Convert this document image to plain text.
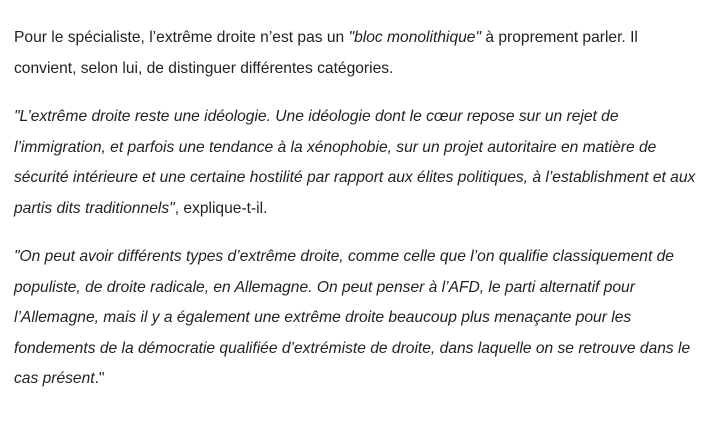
Pour le spécialiste, l’extrême droite n’est pas un "bloc monolithique" à proprement parler. Il convient, selon lui, de distinguer différentes catégories.

"L’extrême droite reste une idéologie. Une idéologie dont le cœur repose sur un rejet de l’immigration, et parfois une tendance à la xénophobie, sur un projet autoritaire en matière de sécurité intérieure et une certaine hostilité par rapport aux élites politiques, à l’establishment et aux partis dits traditionnels", explique-t-il.

"On peut avoir différents types d’extrême droite, comme celle que l’on qualifie classiquement de populiste, de droite radicale, en Allemagne. On peut penser à l’AFD, le parti alternatif pour l’Allemagne, mais il y a également une extrême droite beaucoup plus menaçante pour les fondements de la démocratie qualifiée d’extrémiste de droite, dans laquelle on se retrouve dans le cas présent."
